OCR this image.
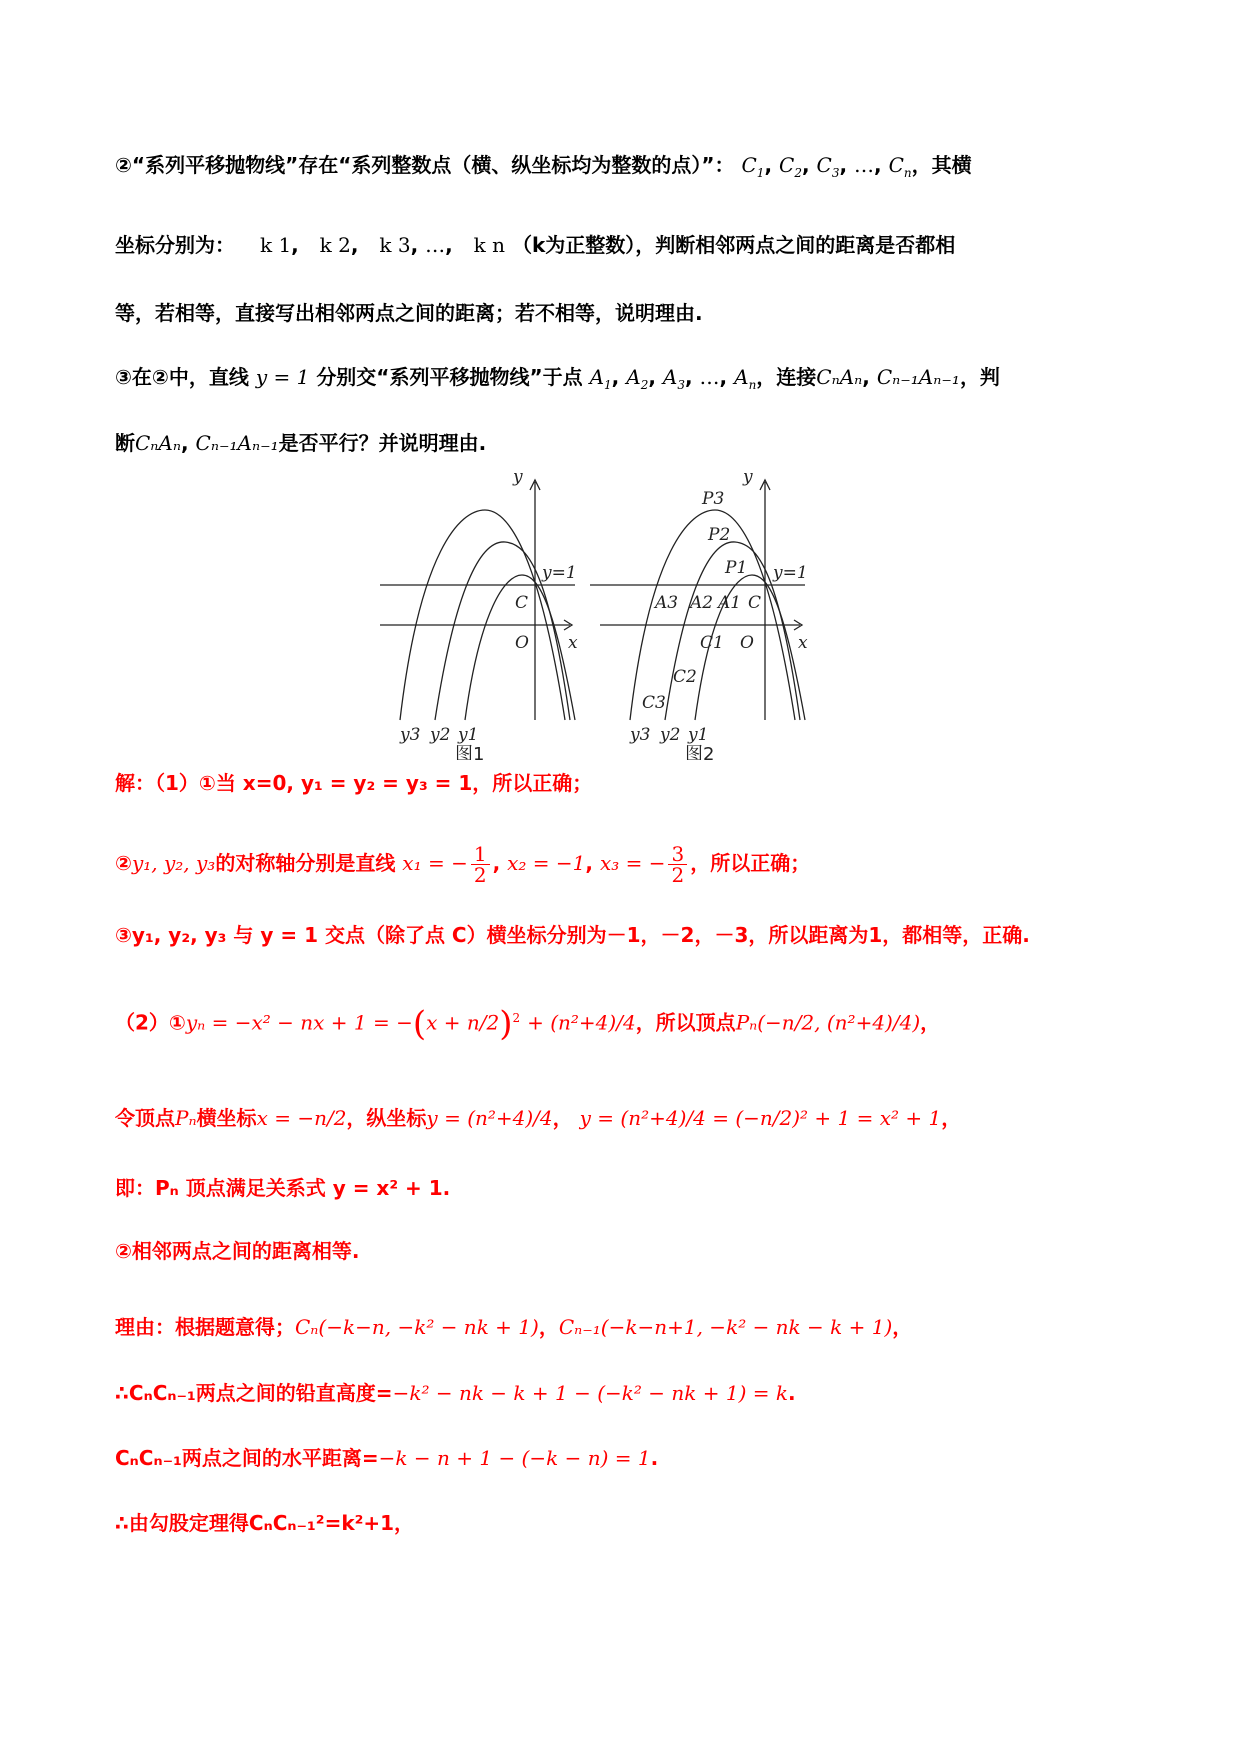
②“系列平移抛物线”存在“系列整数点（横、纵坐标均为整数的点）”： $C_1$, $C_2$, $C_3$, …, $C_n$，其横
坐标分别为： k 1,   k 2,   k 3, …,   k n （k为正整数），判断相邻两点之间的距离是否都相
等，若相等，直接写出相邻两点之间的距离；若不相等，说明理由.
③在②中，直线 y = 1 分别交“系列平移抛物线”于点 $A_1$, $A_2$, $A_3$, …, $A_n$，连接CₙAₙ, Cₙ₋₁Aₙ₋₁，判
断CₙAₙ, Cₙ₋₁Aₙ₋₁是否平行？并说明理由.
y
x
O
C
y=1
y3 y2 y1
y
x
O
C
y=1
P3
P2
P1
A3 A2 A1
C1
C2
C3
y3 y2 y1
图1	图2
解：（1）①当 x=0, y₁ = y₂ = y₃ = 1，所以正确；
②y₁, y₂, y₃的对称轴分别是直线 x₁ = − $\frac{1}{2}$ , x₂ = −1, x₃ = − $\frac{3}{2}$ ，所以正确；
③y₁, y₂, y₃ 与 y = 1 交点（除了点 C）横坐标分别为－1，－2，－3，所以距离为1，都相等，正确.
（2）①yₙ = −x² − nx + $1 = -(x + n/2)^2 + (n^2+4)/4$，所以顶点Pₙ(−n/2, (n²+4)/4)，
令顶点Pₙ横坐标x = −n/2，纵坐标y = (n²+4)/4， y = (n²+4)/4 = (−n/2)² + 1 = x² + 1，
即：Pₙ 顶点满足关系式 y = x² + 1.
②相邻两点之间的距离相等.
理由：根据题意得；Cₙ(−k−n, −k² − nk + 1)，Cₙ₋₁(−k−n+1, −k² − nk − k + 1)，
∴CₙCₙ₋₁两点之间的铅直高度=−k² − nk − k + 1 − (−k² − nk + 1) = k.
CₙCₙ₋₁两点之间的水平距离=−k − n + 1 − (−k − n) = 1.
∴由勾股定理得CₙCₙ₋₁²=k²+1，
